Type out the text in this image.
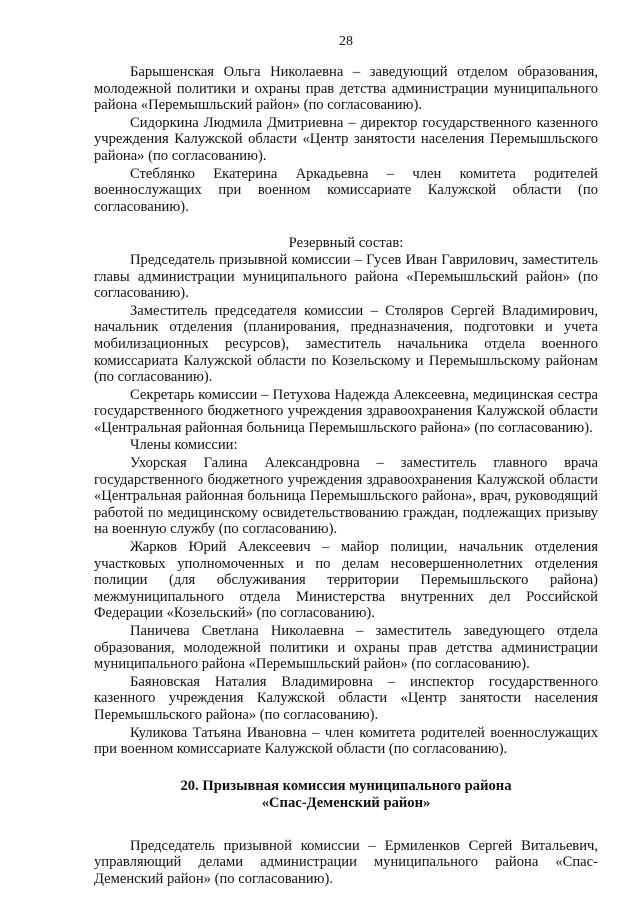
28

Барышенская Ольга Николаевна – заведующий отделом образования, молодежной политики и охраны прав детства администрации муниципального района «Перемышльский район» (по согласованию).

Сидоркина Людмила Дмитриевна – директор государственного казенного учреждения Калужской области «Центр занятости населения Перемышльского района» (по согласованию).

Стеблянко Екатерина Аркадьевна – член комитета родителей военнослужащих при военном комиссариате Калужской области (по согласованию).

Резервный состав:

Председатель призывной комиссии – Гусев Иван Гаврилович, заместитель главы администрации муниципального района «Перемышльский район» (по согласованию).

Заместитель председателя комиссии – Столяров Сергей Владимирович, начальник отделения (планирования, предназначения, подготовки и учета мобилизационных ресурсов), заместитель начальника отдела военного комиссариата Калужской области по Козельскому и Перемышльскому районам (по согласованию).

Секретарь комиссии – Петухова Надежда Алексеевна, медицинская сестра государственного бюджетного учреждения здравоохранения Калужской области «Центральная районная больница Перемышльского района» (по согласованию).

Члены комиссии:

Ухорская Галина Александровна – заместитель главного врача государственного бюджетного учреждения здравоохранения Калужской области «Центральная районная больница Перемышльского района», врач, руководящий работой по медицинскому освидетельствованию граждан, подлежащих призыву на военную службу (по согласованию).

Жарков Юрий Алексеевич – майор полиции, начальник отделения участковых уполномоченных и по делам несовершеннолетних отделения полиции (для обслуживания территории Перемышльского района) межмуниципального отдела Министерства внутренних дел Российской Федерации «Козельский» (по согласованию).

Паничева Светлана Николаевна – заместитель заведующего отдела образования, молодежной политики и охраны прав детства администрации муниципального района «Перемышльский район» (по согласованию).

Баяновская Наталия Владимировна – инспектор государственного казенного учреждения Калужской области «Центр занятости населения Перемышльского района» (по согласованию).

Куликова Татьяна Ивановна – член комитета родителей военнослужащих при военном комиссариате Калужской области (по согласованию).

20. Призывная комиссия муниципального района
«Спас-Деменский район»

Председатель призывной комиссии – Ермиленков Сергей Витальевич, управляющий делами администрации муниципального района «Спас-Деменский район» (по согласованию).
